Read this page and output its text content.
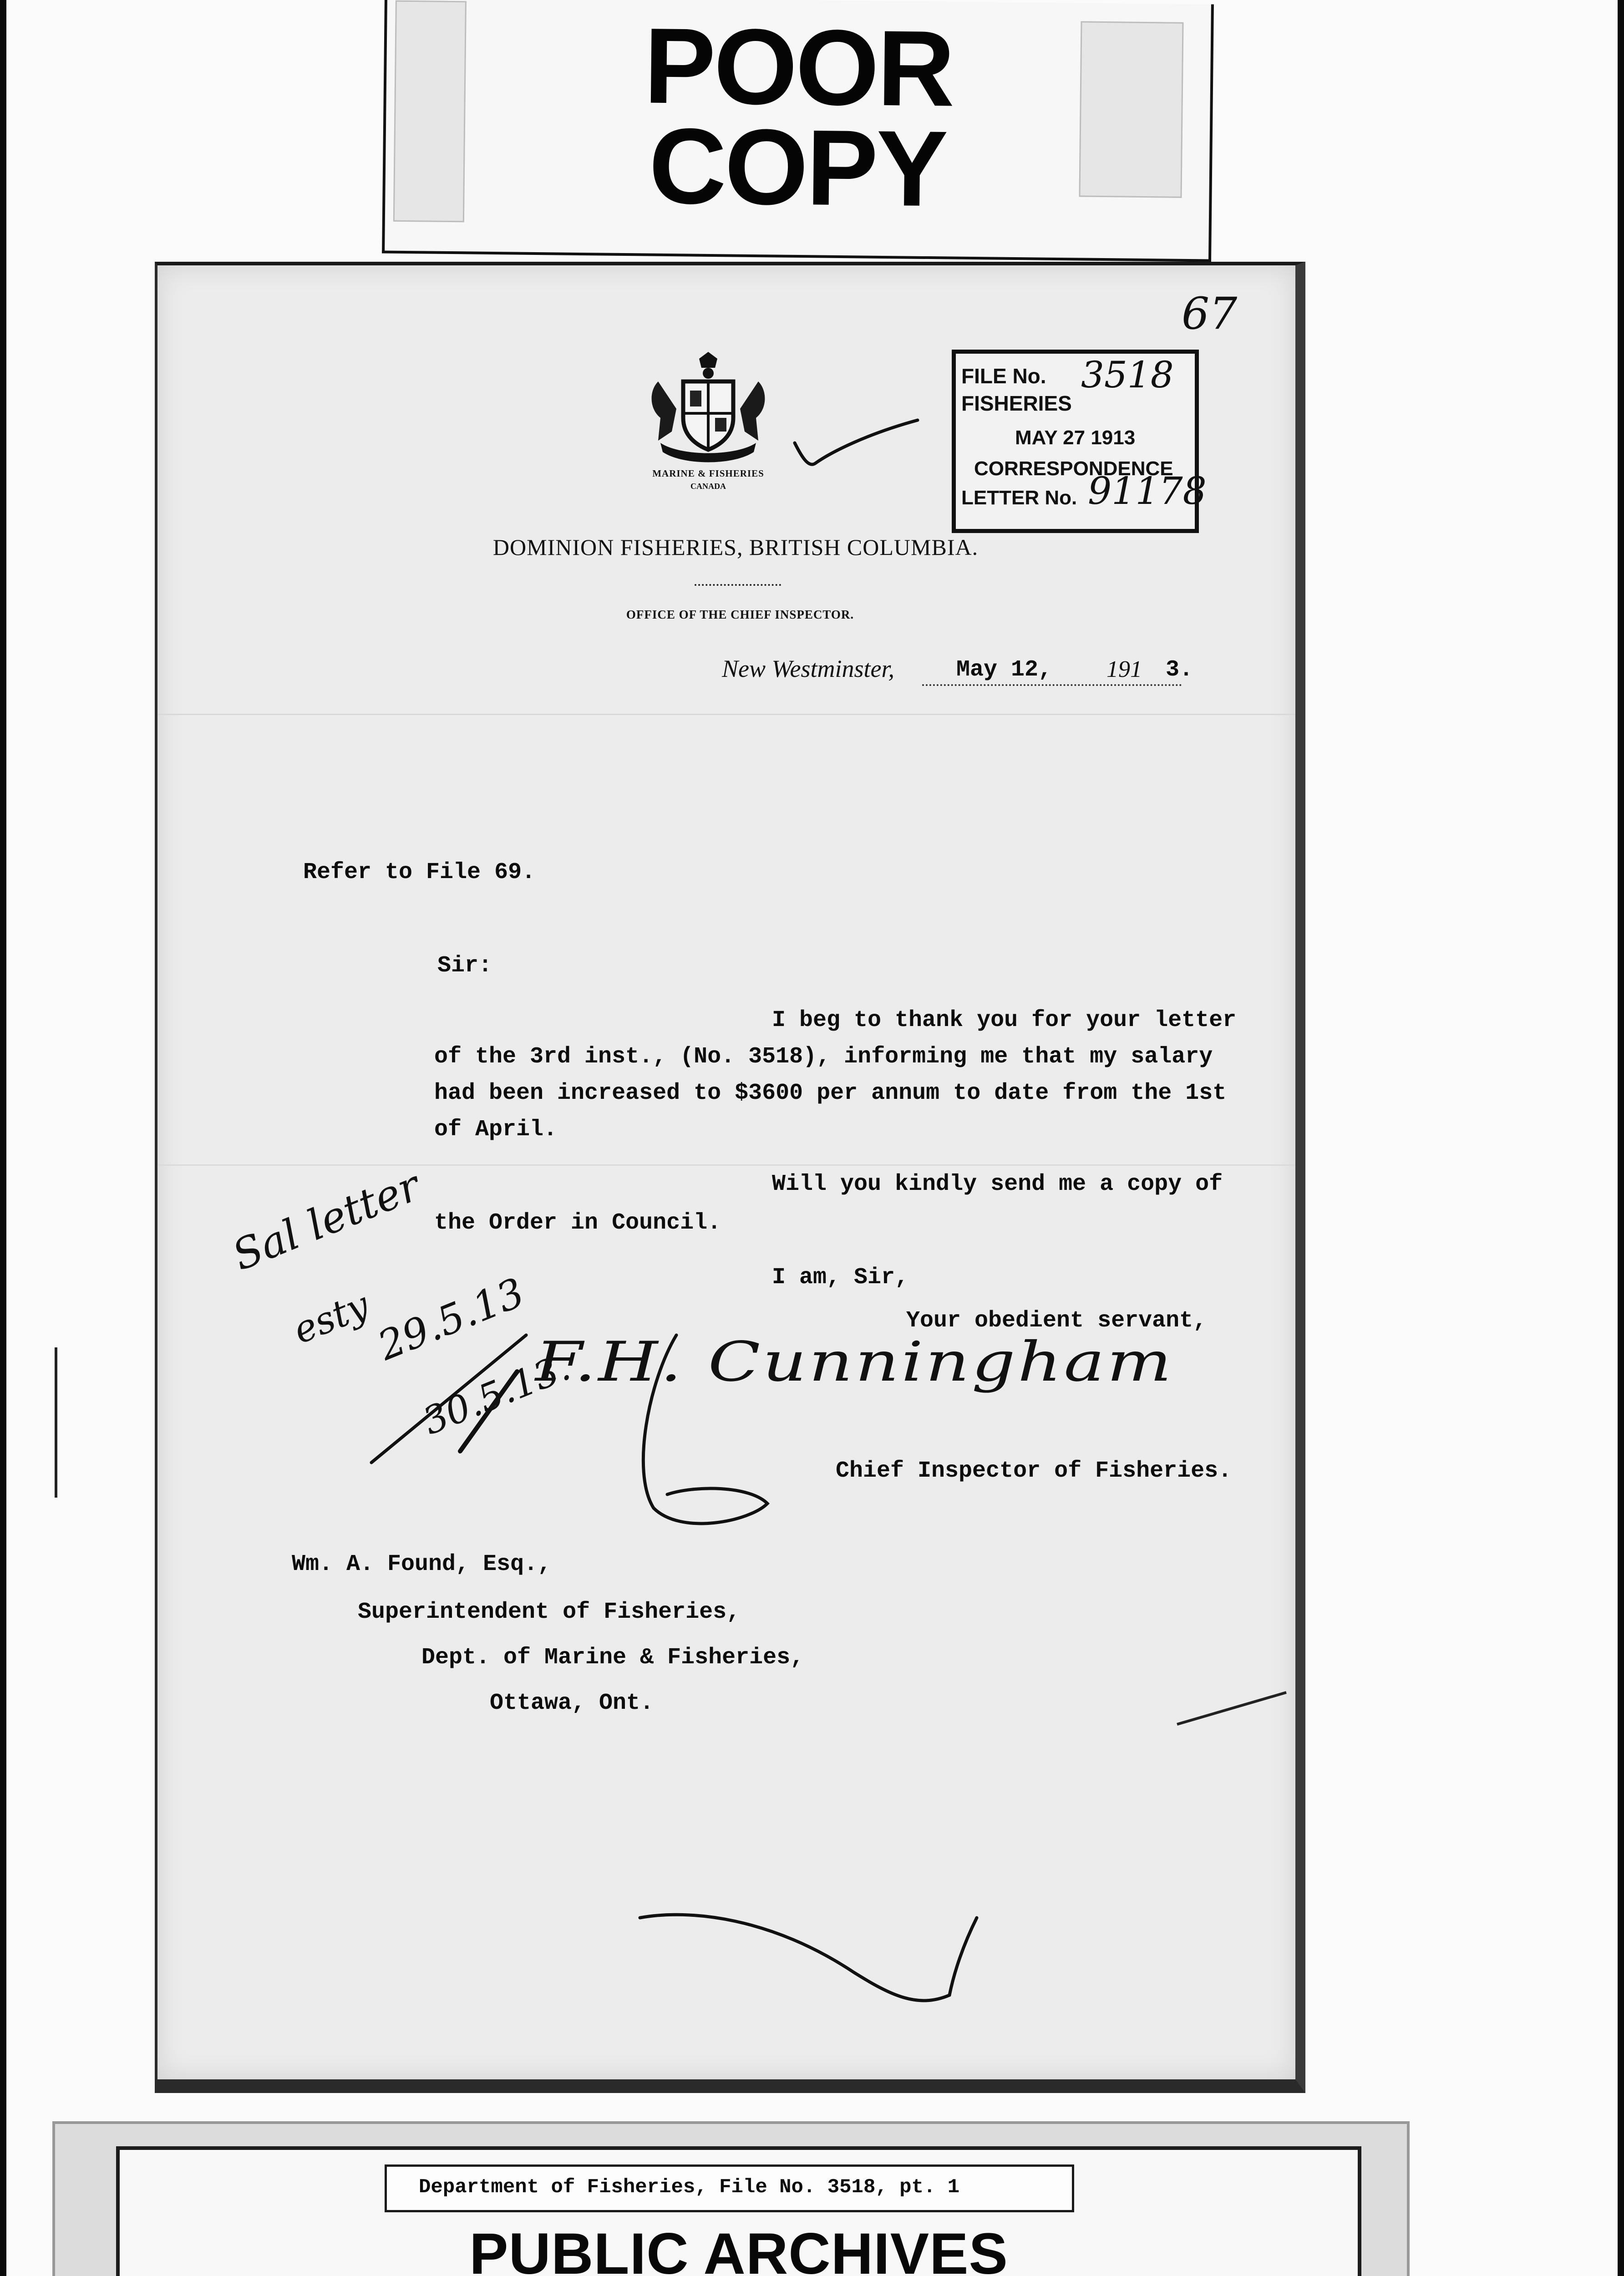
POOR
COPY
MARINE & FISHERIES
CANADA
FILE No. 3518
FISHERIES
MAY 27 1913
CORRESPONDENCE
LETTER No. 91178
67
DOMINION FISHERIES, BRITISH COLUMBIA.
OFFICE OF THE CHIEF INSPECTOR.
New Westminster,	May 12, 191 3.
Refer to File 69.
Sir:
I beg to thank you for your letter
of the 3rd inst., (No. 3518), informing me that my salary
had been increased to $3600 per annum to date from the 1st
of April.
Will you kindly send me a copy of
the Order in Council.
I am, Sir,
Your obedient servant,
Sal letter
esty
29.5.13
30.5.13.
F.H. Cunningham
Chief Inspector of Fisheries.
Wm. A. Found, Esq.,
Superintendent of Fisheries,
Dept. of Marine & Fisheries,
Ottawa, Ont.
PUBLIC ARCHIVES
Department of Fisheries, File No. 3518, pt. 1
